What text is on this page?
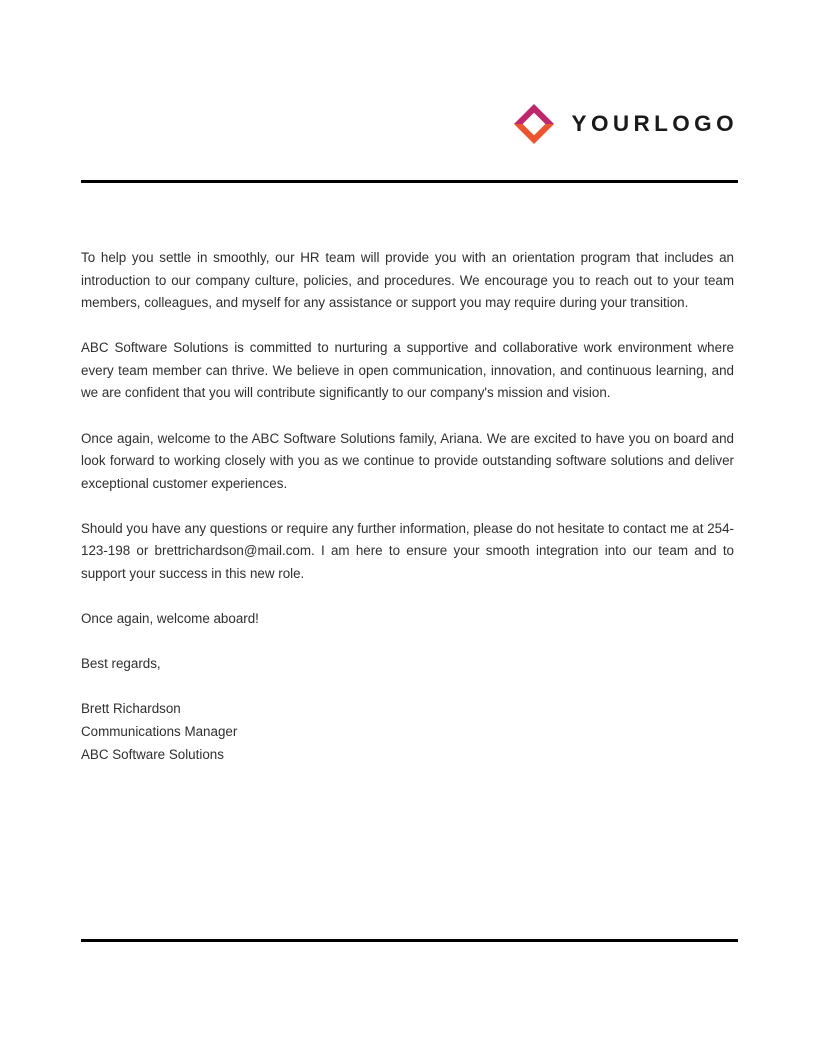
YOURLOGO

To help you settle in smoothly, our HR team will provide you with an orientation program that includes an introduction to our company culture, policies, and procedures. We encourage you to reach out to your team members, colleagues, and myself for any assistance or support you may require during your transition.

ABC Software Solutions is committed to nurturing a supportive and collaborative work environment where every team member can thrive. We believe in open communication, innovation, and continuous learning, and we are confident that you will contribute significantly to our company's mission and vision.

Once again, welcome to the ABC Software Solutions family, Ariana. We are excited to have you on board and look forward to working closely with you as we continue to provide outstanding software solutions and deliver exceptional customer experiences.

Should you have any questions or require any further information, please do not hesitate to contact me at 254-123-198 or brettrichardson@mail.com. I am here to ensure your smooth integration into our team and to support your success in this new role.

Once again, welcome aboard!

Best regards,

Brett Richardson
Communications Manager
ABC Software Solutions
